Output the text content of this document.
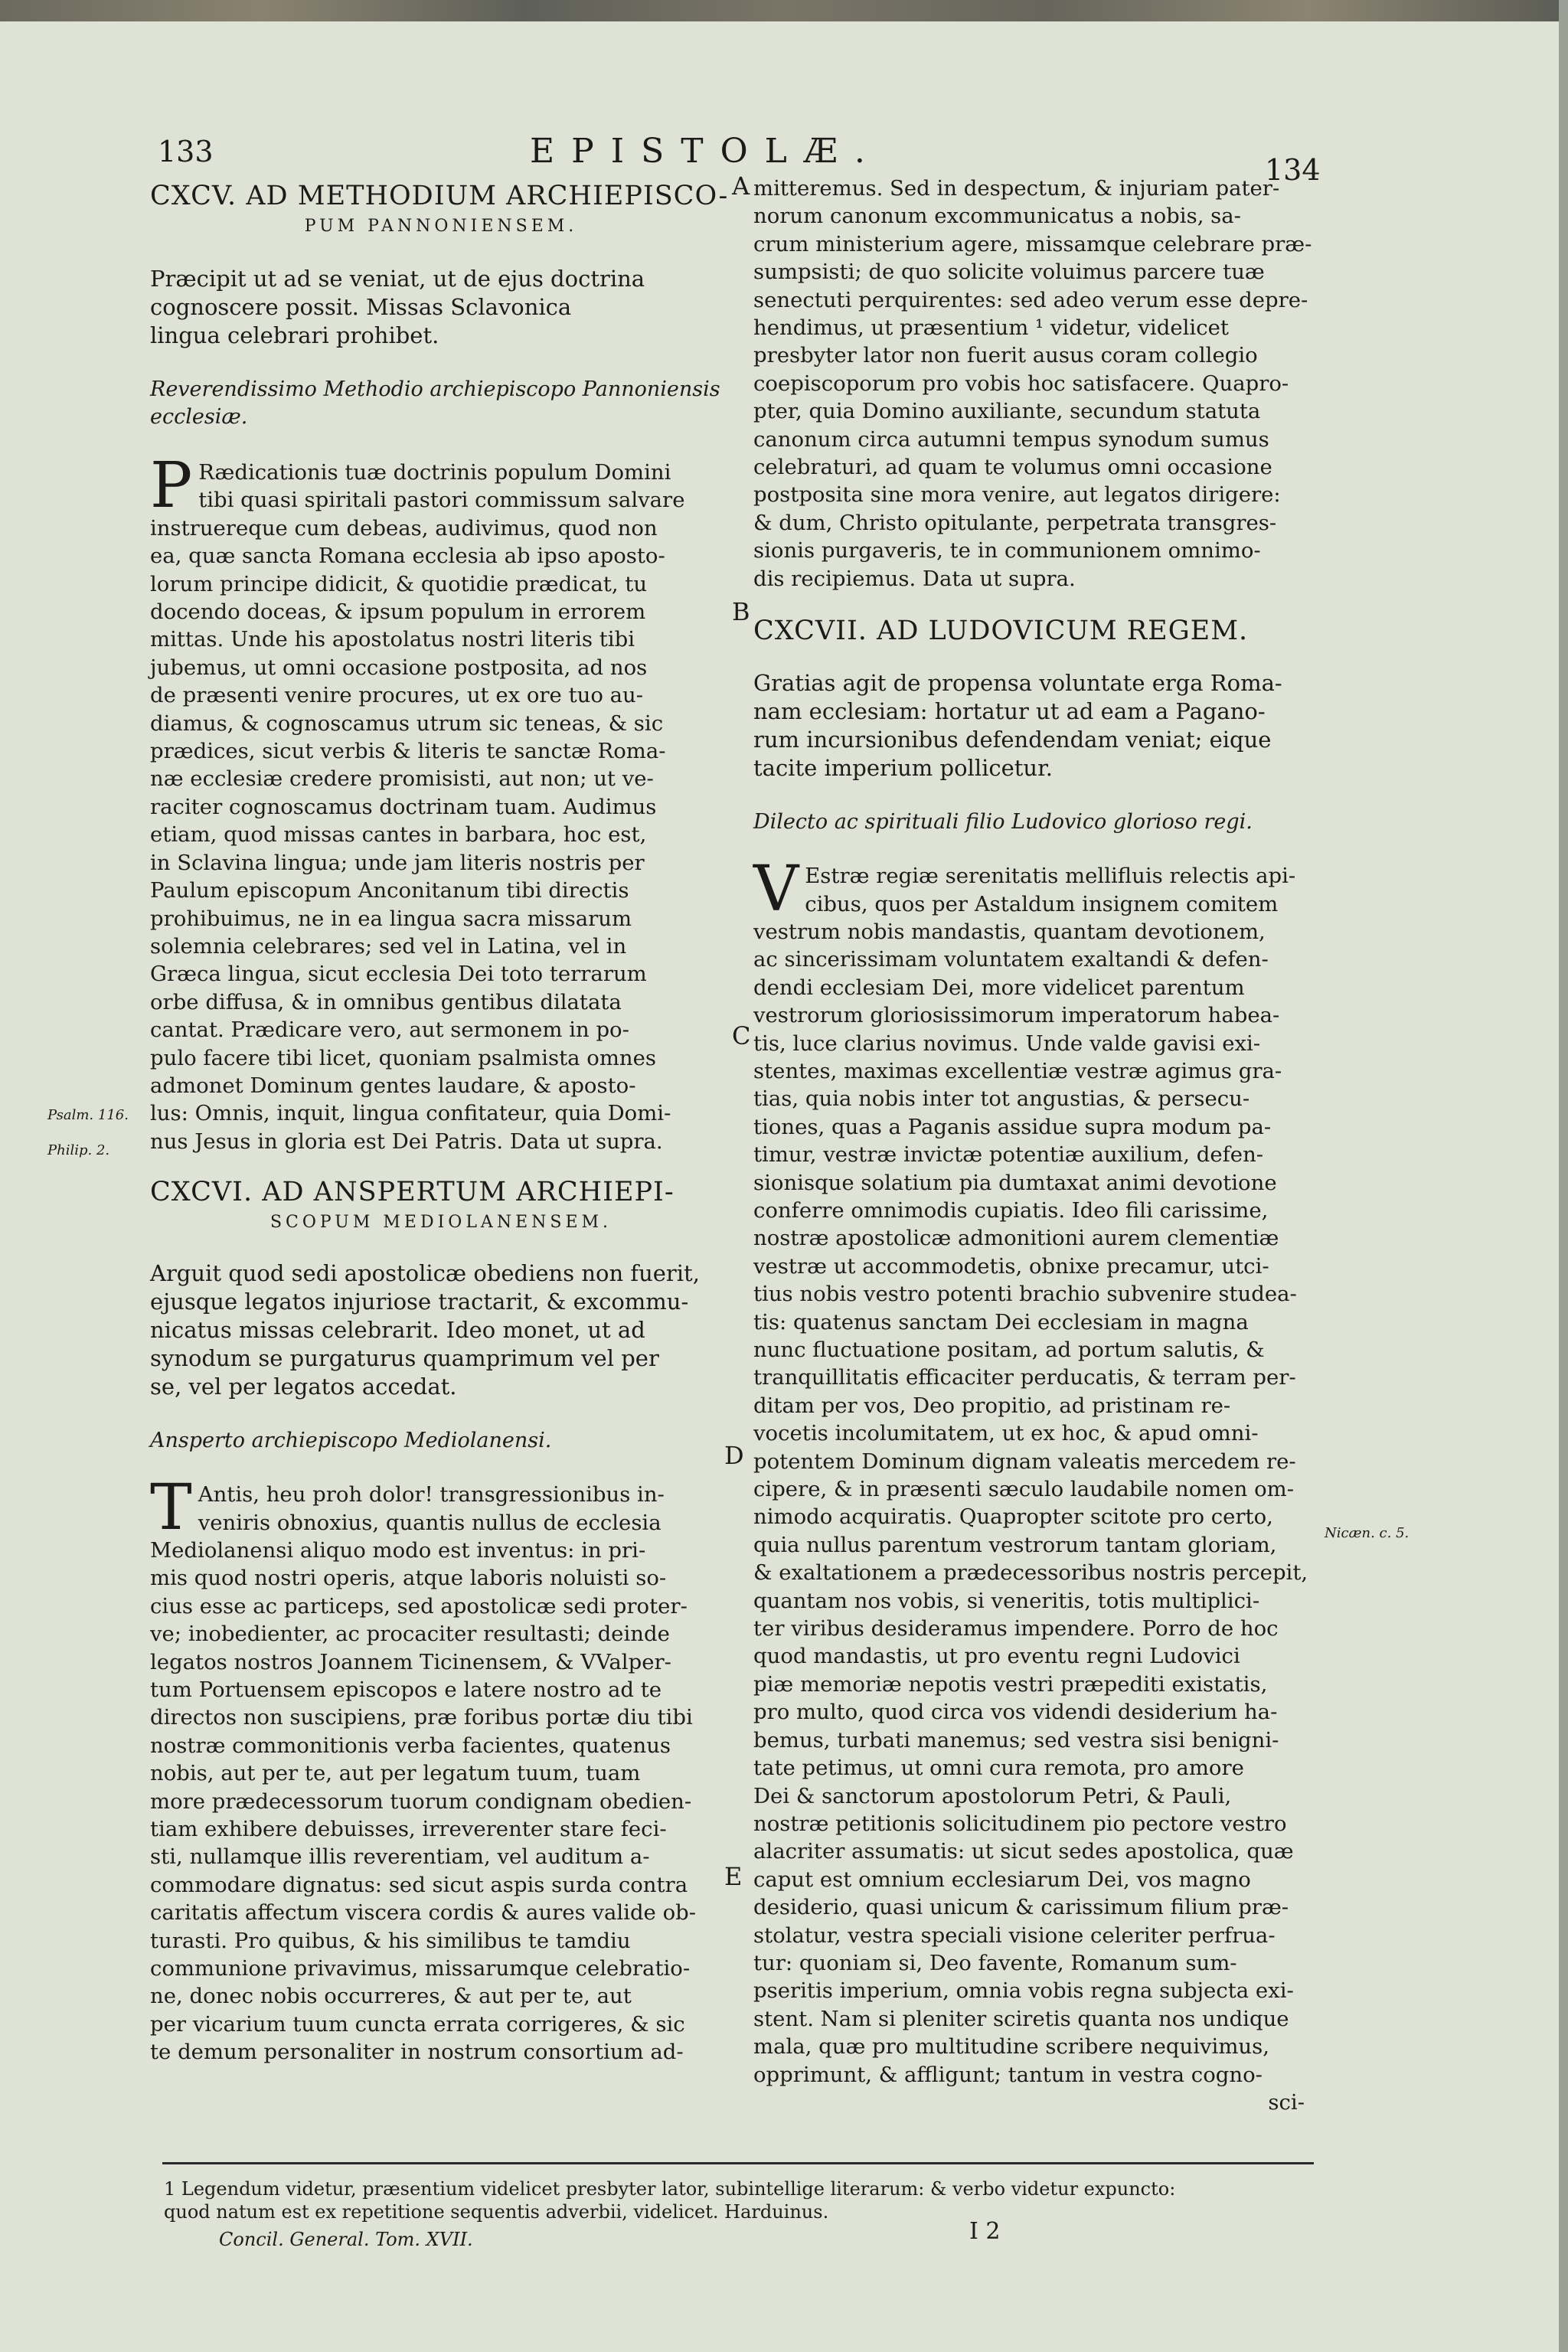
133	EPISTOLÆ.	134
A
B
C
D
E
Psalm. 116.
Philip. 2.
Nicæn. c. 5.

CXCV. AD METHODIUM ARCHIEPISCO-

PUM PANNONIENSEM.

Præcipit ut ad se veniat, ut de ejus doctrina

cognoscere possit. Missas Sclavonica

lingua celebrari prohibet.

Reverendissimo Methodio archiepiscopo Pannoniensis

ecclesiæ.

P Rædicationis tuæ doctrinis populum Domini

tibi quasi spiritali pastori commissum salvare

instruereque cum debeas, audivimus, quod non

ea, quæ sancta Romana ecclesia ab ipso aposto-

lorum principe didicit, & quotidie prædicat, tu

docendo doceas, & ipsum populum in errorem

mittas. Unde his apostolatus nostri literis tibi

jubemus, ut omni occasione postposita, ad nos

de præsenti venire procures, ut ex ore tuo au-

diamus, & cognoscamus utrum sic teneas, & sic

prædices, sicut verbis & literis te sanctæ Roma-

næ ecclesiæ credere promisisti, aut non; ut ve-

raciter cognoscamus doctrinam tuam. Audimus

etiam, quod missas cantes in barbara, hoc est,

in Sclavina lingua; unde jam literis nostris per

Paulum episcopum Anconitanum tibi directis

prohibuimus, ne in ea lingua sacra missarum

solemnia celebrares; sed vel in Latina, vel in

Græca lingua, sicut ecclesia Dei toto terrarum

orbe diffusa, & in omnibus gentibus dilatata

cantat. Prædicare vero, aut sermonem in po-

pulo facere tibi licet, quoniam psalmista omnes

admonet Dominum gentes laudare, & aposto-

lus: Omnis, inquit, lingua confitateur, quia Domi-

nus Jesus in gloria est Dei Patris. Data ut supra.

CXCVI. AD ANSPERTUM ARCHIEPI-

SCOPUM MEDIOLANENSEM.

Arguit quod sedi apostolicæ obediens non fuerit,

ejusque legatos injuriose tractarit, & excommu-

nicatus missas celebrarit. Ideo monet, ut ad

synodum se purgaturus quamprimum vel per

se, vel per legatos accedat.

Ansperto archiepiscopo Mediolanensi.

T Antis, heu proh dolor! transgressionibus in-

veniris obnoxius, quantis nullus de ecclesia

Mediolanensi aliquo modo est inventus: in pri-

mis quod nostri operis, atque laboris noluisti so-

cius esse ac particeps, sed apostolicæ sedi proter-

ve; inobedienter, ac procaciter resultasti; deinde

legatos nostros Joannem Ticinensem, & VValper-

tum Portuensem episcopos e latere nostro ad te

directos non suscipiens, præ foribus portæ diu tibi

nostræ commonitionis verba facientes, quatenus

nobis, aut per te, aut per legatum tuum, tuam

more prædecessorum tuorum condignam obedien-

tiam exhibere debuisses, irreverenter stare feci-

sti, nullamque illis reverentiam, vel auditum a-

commodare dignatus: sed sicut aspis surda contra

caritatis affectum viscera cordis & aures valide ob-

turasti. Pro quibus, & his similibus te tamdiu

communione privavimus, missarumque celebratio-

ne, donec nobis occurreres, & aut per te, aut

per vicarium tuum cuncta errata corrigeres, & sic

te demum personaliter in nostrum consortium ad-

mitteremus. Sed in despectum, & injuriam pater-

norum canonum excommunicatus a nobis, sa-

crum ministerium agere, missamque celebrare præ-

sumpsisti; de quo solicite voluimus parcere tuæ

senectuti perquirentes: sed adeo verum esse depre-

hendimus, ut præsentium ¹ videtur, videlicet

presbyter lator non fuerit ausus coram collegio

coepiscoporum pro vobis hoc satisfacere. Quapro-

pter, quia Domino auxiliante, secundum statuta

canonum circa autumni tempus synodum sumus

celebraturi, ad quam te volumus omni occasione

postposita sine mora venire, aut legatos dirigere:

& dum, Christo opitulante, perpetrata transgres-

sionis purgaveris, te in communionem omnimo-

dis recipiemus. Data ut supra.

CXCVII. AD LUDOVICUM REGEM.

Gratias agit de propensa voluntate erga Roma-

nam ecclesiam: hortatur ut ad eam a Pagano-

rum incursionibus defendendam veniat; eique

tacite imperium pollicetur.

Dilecto ac spirituali filio Ludovico glorioso regi.

V Estræ regiæ serenitatis mellifluis relectis api-

cibus, quos per Astaldum insignem comitem

vestrum nobis mandastis, quantam devotionem,

ac sincerissimam voluntatem exaltandi & defen-

dendi ecclesiam Dei, more videlicet parentum

vestrorum gloriosissimorum imperatorum habea-

tis, luce clarius novimus. Unde valde gavisi exi-

stentes, maximas excellentiæ vestræ agimus gra-

tias, quia nobis inter tot angustias, & persecu-

tiones, quas a Paganis assidue supra modum pa-

timur, vestræ invictæ potentiæ auxilium, defen-

sionisque solatium pia dumtaxat animi devotione

conferre omnimodis cupiatis. Ideo fili carissime,

nostræ apostolicæ admonitioni aurem clementiæ

vestræ ut accommodetis, obnixe precamur, utci-

tius nobis vestro potenti brachio subvenire studea-

tis: quatenus sanctam Dei ecclesiam in magna

nunc fluctuatione positam, ad portum salutis, &

tranquillitatis efficaciter perducatis, & terram per-

ditam per vos, Deo propitio, ad pristinam re-

vocetis incolumitatem, ut ex hoc, & apud omni-

potentem Dominum dignam valeatis mercedem re-

cipere, & in præsenti sæculo laudabile nomen om-

nimodo acquiratis. Quapropter scitote pro certo,

quia nullus parentum vestrorum tantam gloriam,

& exaltationem a prædecessoribus nostris percepit,

quantam nos vobis, si veneritis, totis multiplici-

ter viribus desideramus impendere. Porro de hoc

quod mandastis, ut pro eventu regni Ludovici

piæ memoriæ nepotis vestri præpediti existatis,

pro multo, quod circa vos videndi desiderium ha-

bemus, turbati manemus; sed vestra sisi benigni-

tate petimus, ut omni cura remota, pro amore

Dei & sanctorum apostolorum Petri, & Pauli,

nostræ petitionis solicitudinem pio pectore vestro

alacriter assumatis: ut sicut sedes apostolica, quæ

caput est omnium ecclesiarum Dei, vos magno

desiderio, quasi unicum & carissimum filium præ-

stolatur, vestra speciali visione celeriter perfrua-

tur: quoniam si, Deo favente, Romanum sum-

pseritis imperium, omnia vobis regna subjecta exi-

stent. Nam si pleniter sciretis quanta nos undique

mala, quæ pro multitudine scribere nequivimus,

opprimunt, & affligunt; tantum in vestra cogno-

sci-

1 Legendum videtur, præsentium videlicet presbyter lator, subintellige literarum: & verbo videtur expuncto:
quod natum est ex repetitione sequentis adverbii, videlicet. Harduinus.
Concil. General. Tom. XVII.	I 2
